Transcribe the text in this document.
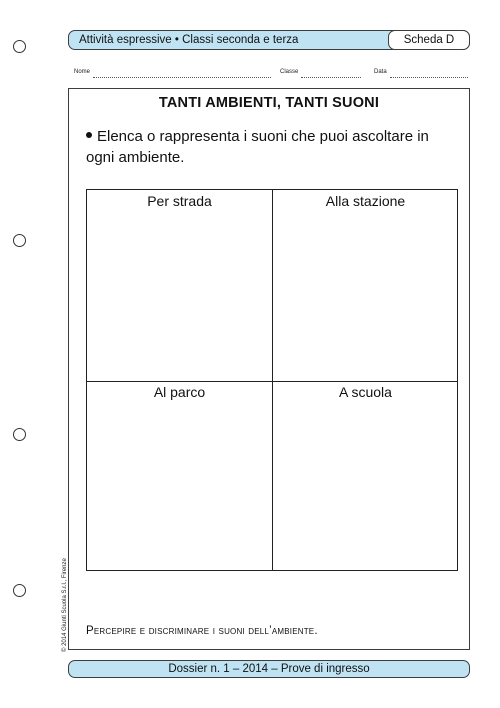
Attività espressive • Classi seconda e terza	Scheda D
Nome	Classe	Data
TANTI AMBIENTI, TANTI SUONI
Elenca o rappresenta i suoni che puoi ascoltare in ogni ambiente.
Per strada	Alla stazione
Al parco	A scuola
Percepire e discriminare i suoni dell’ambiente.
Dossier n. 1 – 2014 – Prove di ingresso
© 2014 Giunti Scuola S.r.l., Firenze
